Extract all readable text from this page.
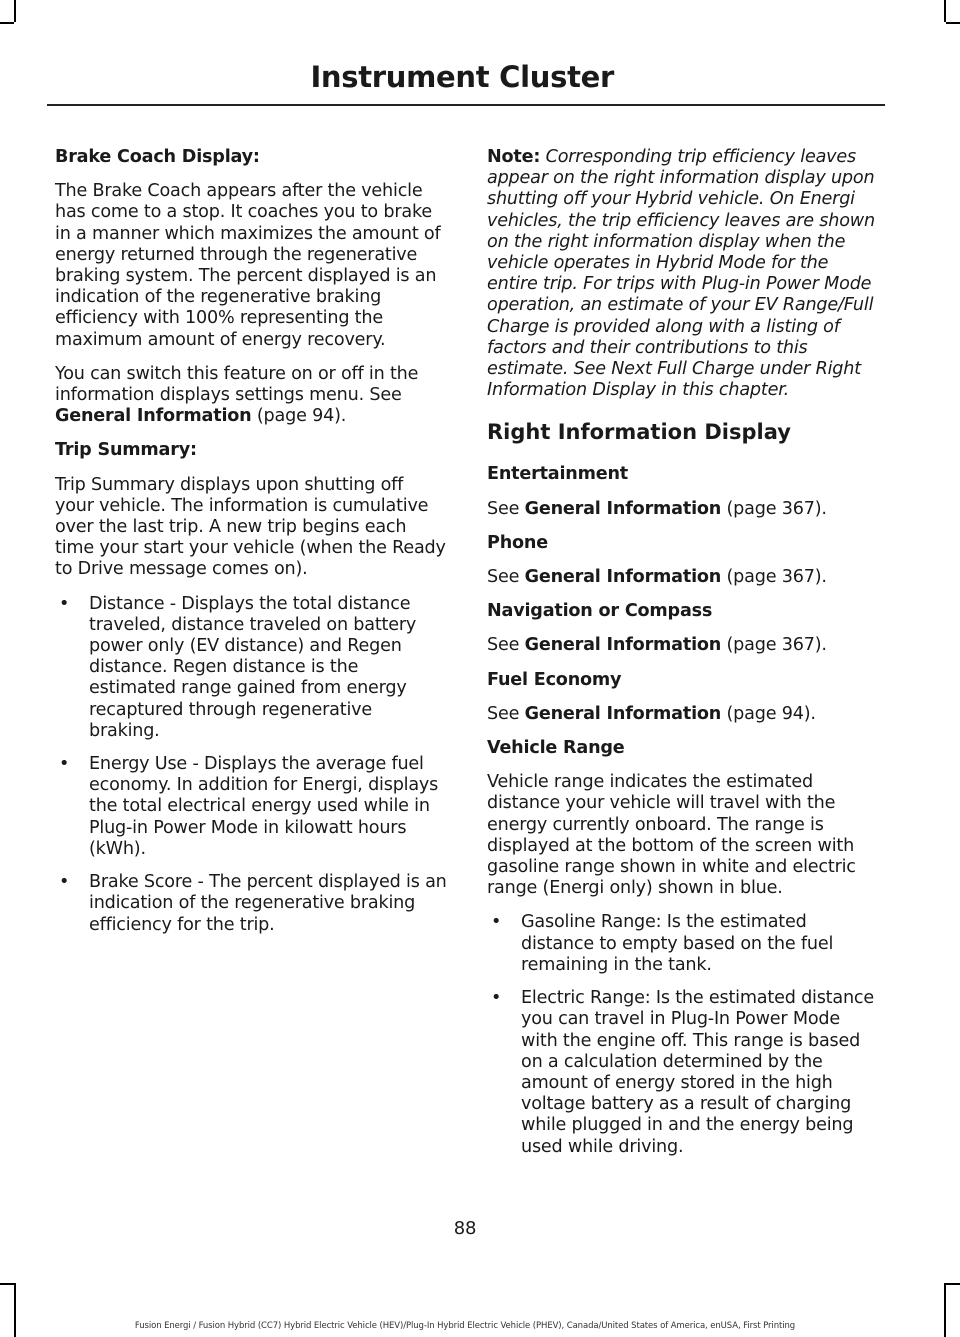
Instrument Cluster

Brake Coach Display:

The Brake Coach appears after the vehicle has come to a stop. It coaches you to brake in a manner which maximizes the amount of energy returned through the regenerative braking system. The percent displayed is an indication of the regenerative braking efficiency with 100% representing the maximum amount of energy recovery.

You can switch this feature on or off in the information displays settings menu. See General Information (page 94).

Trip Summary:

Trip Summary displays upon shutting off your vehicle. The information is cumulative over the last trip. A new trip begins each time your start your vehicle (when the Ready to Drive message comes on).

• Distance - Displays the total distance traveled, distance traveled on battery power only (EV distance) and Regen distance. Regen distance is the estimated range gained from energy recaptured through regenerative braking.
• Energy Use - Displays the average fuel economy. In addition for Energi, displays the total electrical energy used while in Plug-in Power Mode in kilowatt hours (kWh).
• Brake Score - The percent displayed is an indication of the regenerative braking efficiency for the trip.

Note: Corresponding trip efficiency leaves appear on the right information display upon shutting off your Hybrid vehicle. On Energi vehicles, the trip efficiency leaves are shown on the right information display when the vehicle operates in Hybrid Mode for the entire trip. For trips with Plug-in Power Mode operation, an estimate of your EV Range/Full Charge is provided along with a listing of factors and their contributions to this estimate. See Next Full Charge under Right Information Display in this chapter.

Right Information Display

Entertainment

See General Information (page 367).

Phone

See General Information (page 367).

Navigation or Compass

See General Information (page 367).

Fuel Economy

See General Information (page 94).

Vehicle Range

Vehicle range indicates the estimated distance your vehicle will travel with the energy currently onboard. The range is displayed at the bottom of the screen with gasoline range shown in white and electric range (Energi only) shown in blue.

• Gasoline Range: Is the estimated distance to empty based on the fuel remaining in the tank.
• Electric Range: Is the estimated distance you can travel in Plug-In Power Mode with the engine off. This range is based on a calculation determined by the amount of energy stored in the high voltage battery as a result of charging while plugged in and the energy being used while driving.

88

Fusion Energi / Fusion Hybrid (CC7) Hybrid Electric Vehicle (HEV)/Plug-In Hybrid Electric Vehicle (PHEV), Canada/United States of America, enUSA, First Printing
